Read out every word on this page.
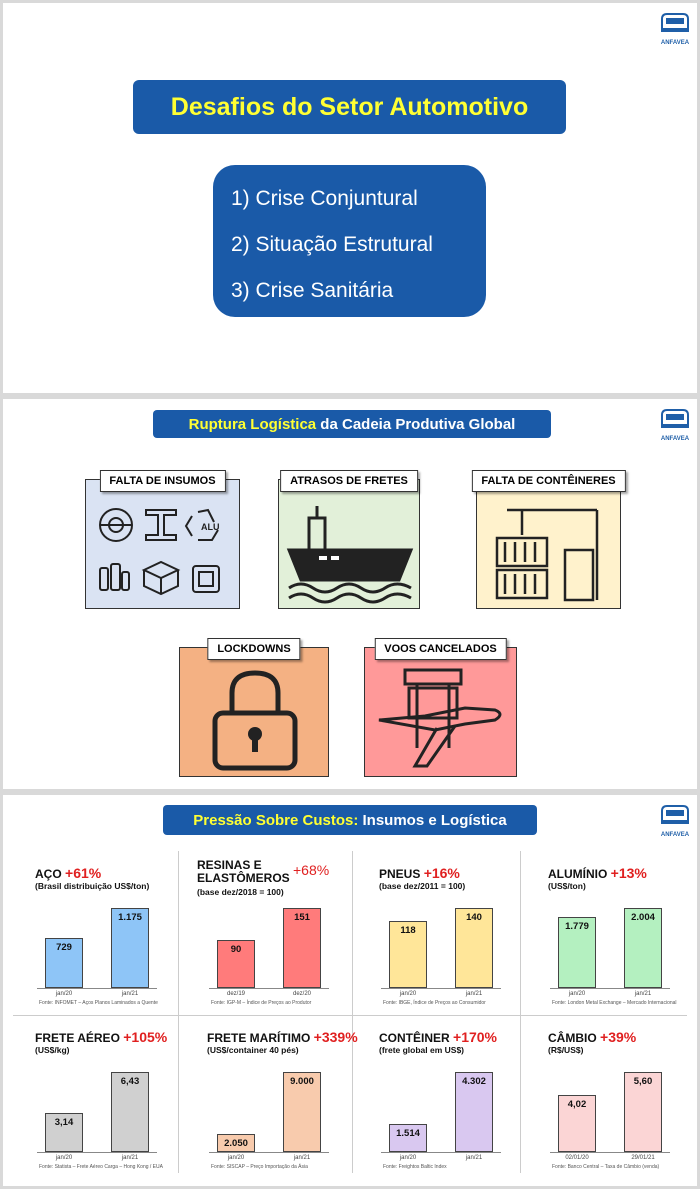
ANFAVEA
Desafios do Setor Automotivo
1) Crise Conjuntural
2) Situação Estrutural
3) Crise Sanitária
ANFAVEA
Ruptura Logística da Cadeia Produtiva Global
ALU
FALTA DE INSUMOS	ATRASOS DE FRETES	FALTA DE CONTÊINERES
LOCKDOWNS	VOOS CANCELADOS
ANFAVEA
Pressão Sobre Custos: Insumos e Logística
AÇO +61%
(Brasil distribuição US$/ton)
729
jan/20
1.175
jan/21
Fonte: INFOMET – Aços Planos Laminados a Quente
+68%
RESINAS E ELASTÔMEROS
(base dez/2018 = 100)
90
dez/19
151
dez/20
Fonte: IGP-M – Índice de Preços ao Produtor
PNEUS +16%
(base dez/2011 = 100)
118
jan/20
140
jan/21
Fonte: IBGE, Índice de Preços ao Consumidor
ALUMÍNIO +13%
(US$/ton)
1.779
jan/20
2.004
jan/21
Fonte: London Metal Exchange – Mercado Internacional
FRETE AÉREO +105%
(US$/kg)
3,14
jan/20
6,43
jan/21
Fonte: Statista – Frete Aéreo Carga – Hong Kong / EUA
FRETE MARÍTIMO +339%
(US$/container 40 pés)
2.050
jan/20
9.000
jan/21
Fonte: SISCAP – Preço Importação da Ásia
CONTÊINER +170%
(frete global em US$)
1.514
jan/20
4.302
jan/21
Fonte: Freightos Baltic Index
CÂMBIO +39%
(R$/US$)
4,02
02/01/20
5,60
29/01/21
Fonte: Banco Central – Taxa de Câmbio (venda)
